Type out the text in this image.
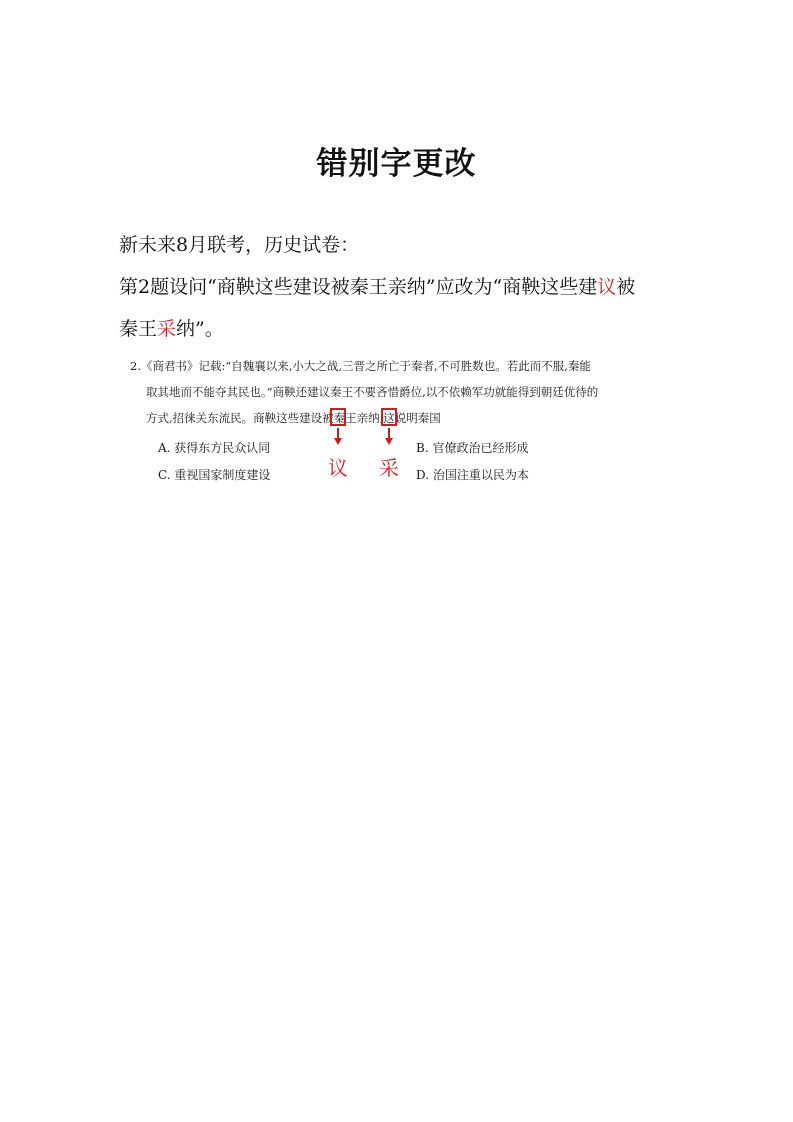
错别字更改
新未来8月联考，历史试卷：
第2题设问“商鞅这些建设被秦王亲纳”应改为“商鞅这些建议被
秦王采纳”。
2.《商君书》记载:“自魏襄以来,小大之战,三晋之所亡于秦者,不可胜数也。若此而不服,秦能
取其地而不能夺其民也。”商鞅还建议秦王不要吝惜爵位,以不依赖军功就能得到朝廷优待的
方式,招徕关东流民。商鞅这些建设被秦王亲纳,这说明秦国
A. 获得东方民众认同	B. 官僚政治已经形成
C. 重视国家制度建设	D. 治国注重以民为本
议 采
